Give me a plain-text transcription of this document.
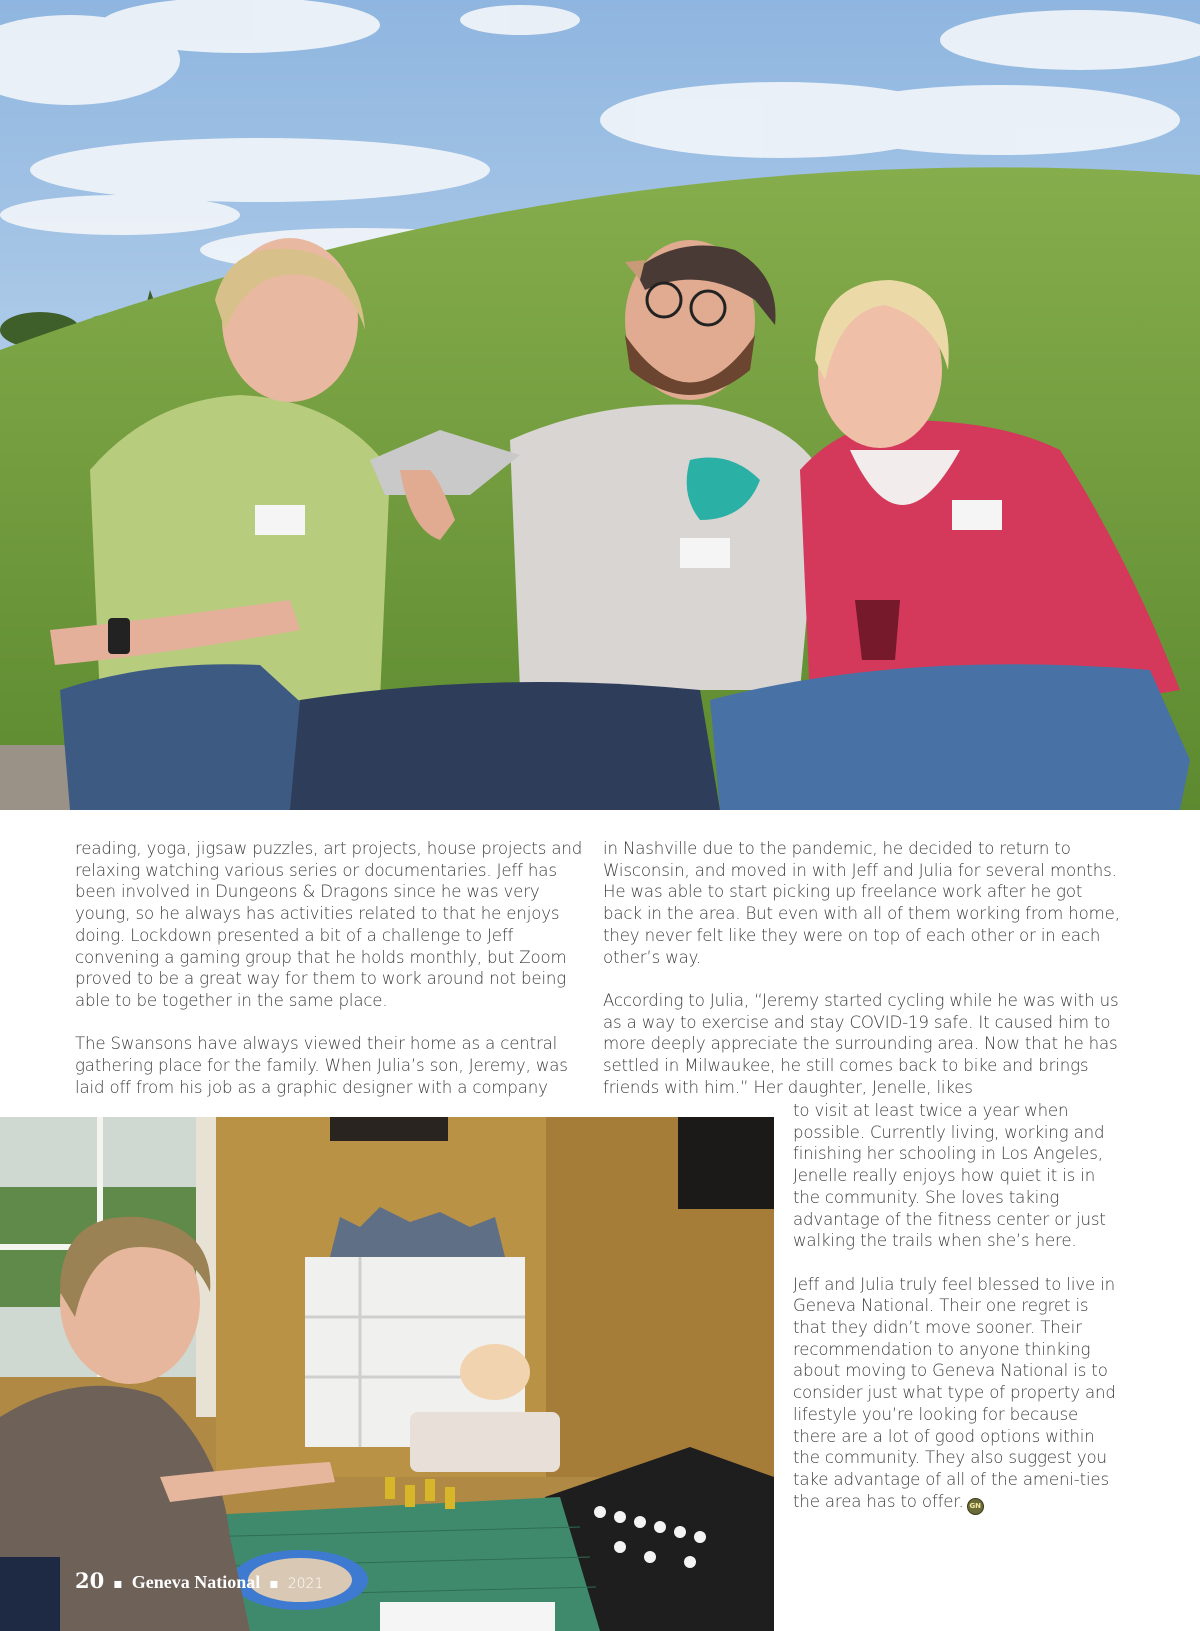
reading, yoga, jigsaw puzzles, art projects, house projects and relaxing watching various series or documentaries. Jeff has been involved in Dungeons & Dragons since he was very young, so he always has activities related to that he enjoys doing. Lockdown presented a bit of a challenge to Jeff convening a gaming group that he holds monthly, but Zoom proved to be a great way for them to work around not being able to be together in the same place.

The Swansons have always viewed their home as a central gathering place for the family. When Julia’s son, Jeremy, was laid off from his job as a graphic designer with a company

in Nashville due to the pandemic, he decided to return to Wisconsin, and moved in with Jeff and Julia for several months. He was able to start picking up freelance work after he got back in the area. But even with all of them working from home, they never felt like they were on top of each other or in each other’s way.

According to Julia, “Jeremy started cycling while he was with us as a way to exercise and stay COVID-19 safe. It caused him to more deeply appreciate the surrounding area. Now that he has settled in Milwaukee, he still comes back to bike and brings friends with him.” Her daughter, Jenelle, likes

to visit at least twice a year when possible. Currently living, working and finishing her schooling in Los Angeles, Jenelle really enjoys how quiet it is in the community. She loves taking advantage of the fitness center or just walking the trails when she’s here.

Jeff and Julia truly feel blessed to live in Geneva National. Their one regret is that they didn’t move sooner. Their recommendation to anyone thinking about moving to Geneva National is to consider just what type of property and lifestyle you’re looking for because there are a lot of good options within the community. They also suggest you take advantage of all of the ameni-ties the area has to offer. GN

20 ▪ Geneva National ▪ 2021
